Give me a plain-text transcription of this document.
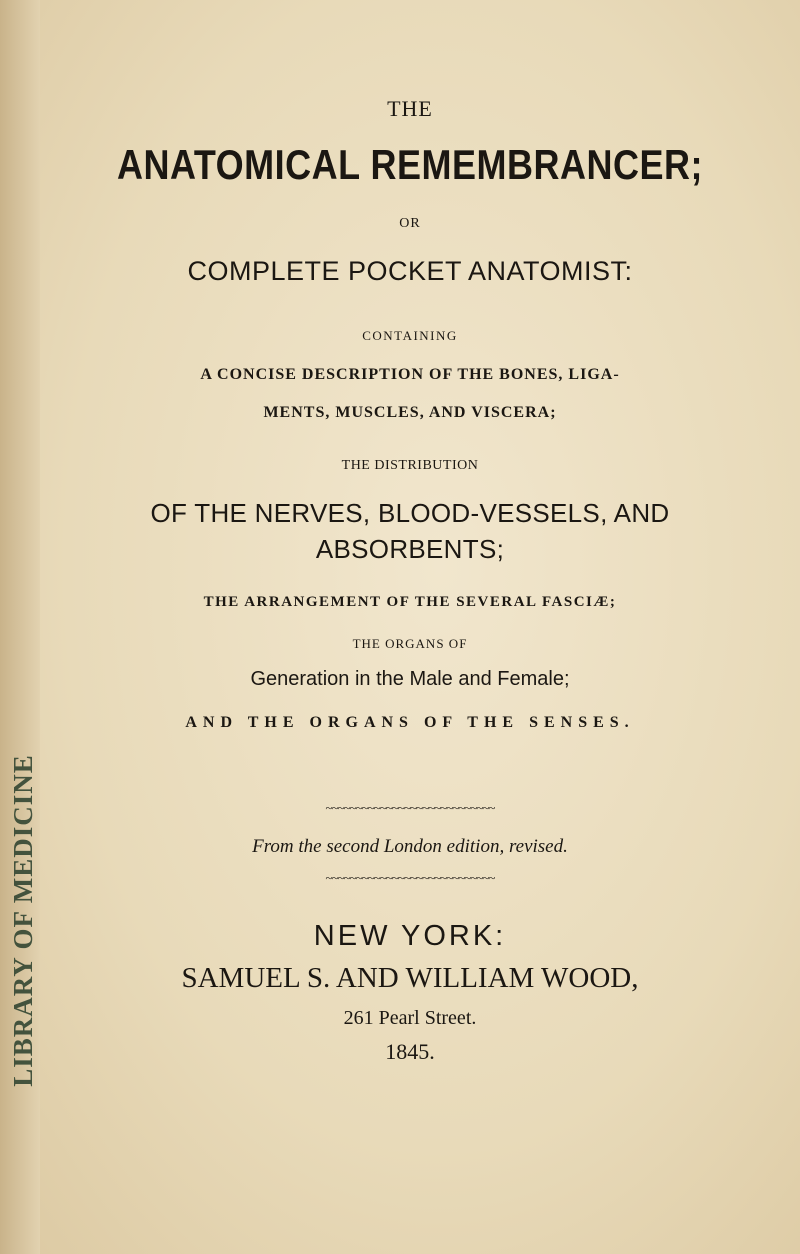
LIBRARY OF MEDICINE
THE
ANATOMICAL REMEMBRANCER;
OR
COMPLETE POCKET ANATOMIST:
CONTAINING
A CONCISE DESCRIPTION OF THE BONES, LIGA-
MENTS, MUSCLES, AND VISCERA;
THE DISTRIBUTION
OF THE NERVES, BLOOD-VESSELS, AND
ABSORBENTS;
THE ARRANGEMENT OF THE SEVERAL FASCIÆ;
THE ORGANS OF
Generation in the Male and Female;
AND THE ORGANS OF THE SENSES.
~~~~~~~~~~~~~~~~~~~~~~~~~~~~
From the second London edition, revised.
~~~~~~~~~~~~~~~~~~~~~~~~~~~~
NEW YORK:
SAMUEL S. AND WILLIAM WOOD,
261 Pearl Street.
1845.
